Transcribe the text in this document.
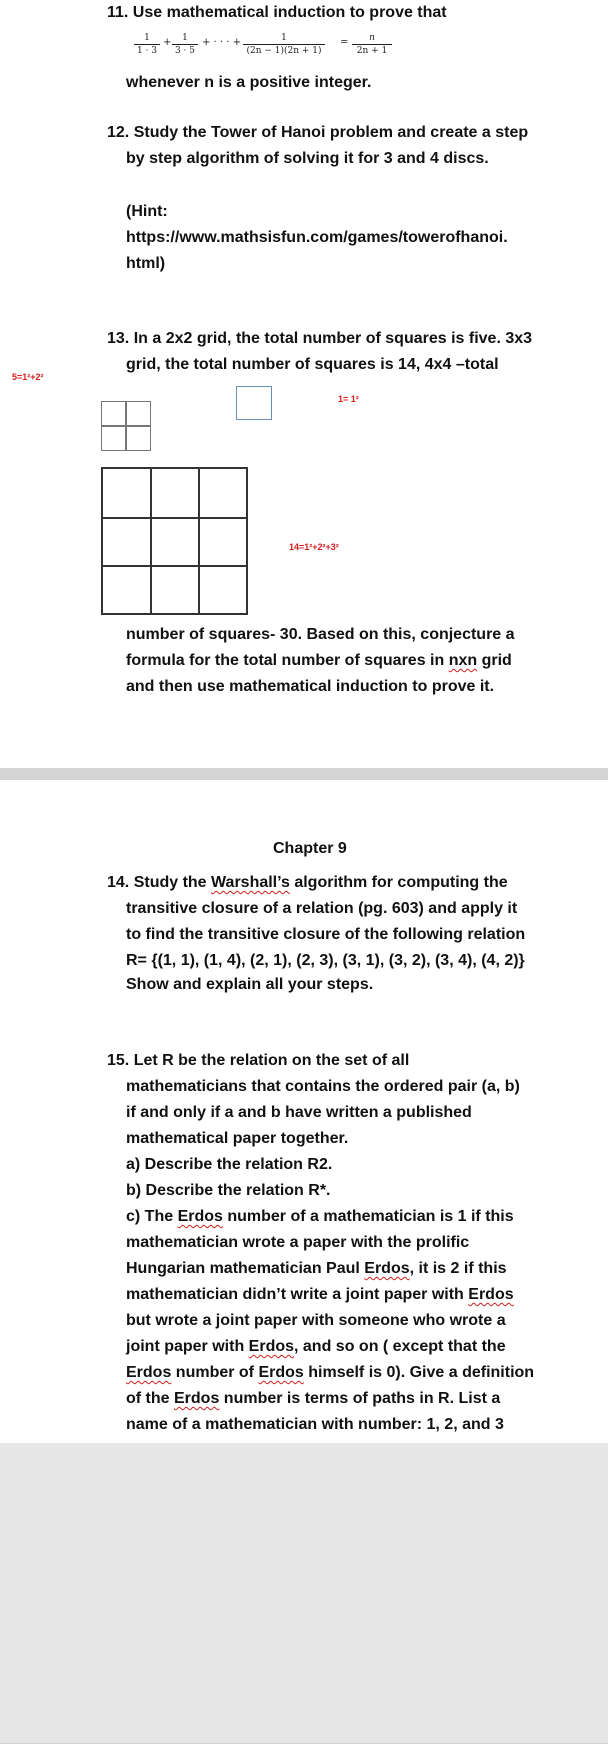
11. Use mathematical induction to prove that
$\frac{1}{1 \cdot 3} + \frac{1}{3 \cdot 5}$ + · · · + $\frac{1}{(2n - 1)(2n + 1)} = \frac{n}{2n + 1}$
whenever n is a positive integer.
12. Study the Tower of Hanoi problem and create a step
by step algorithm of solving it for 3 and 4 discs.
(Hint:
https://www.mathsisfun.com/games/towerofhanoi.
html)
13. In a 2x2 grid, the total number of squares is five. 3x3
grid, the total number of squares is 14, 4x4 –total
5=1²+2²
1= 1²
14=1²+2²+3²
number of squares- 30. Based on this, conjecture a
formula for the total number of squares in nxn grid
and then use mathematical induction to prove it.
Chapter 9
14. Study the Warshall’s algorithm for computing the
transitive closure of a relation (pg. 603) and apply it
to find the transitive closure of the following relation
R= {(1, 1), (1, 4), (2, 1), (2, 3), (3, 1), (3, 2), (3, 4), (4, 2)}
Show and explain all your steps.
15. Let R be the relation on the set of all
mathematicians that contains the ordered pair (a, b)
if and only if a and b have written a published
mathematical paper together.
a) Describe the relation R2.
b) Describe the relation R*.
c) The Erdos number of a mathematician is 1 if this
mathematician wrote a paper with the prolific
Hungarian mathematician Paul Erdos, it is 2 if this
mathematician didn’t write a joint paper with Erdos
but wrote a joint paper with someone who wrote a
joint paper with Erdos, and so on ( except that the
Erdos number of Erdos himself is 0). Give a definition
of the Erdos number is terms of paths in R. List a
name of a mathematician with number: 1, 2, and 3
